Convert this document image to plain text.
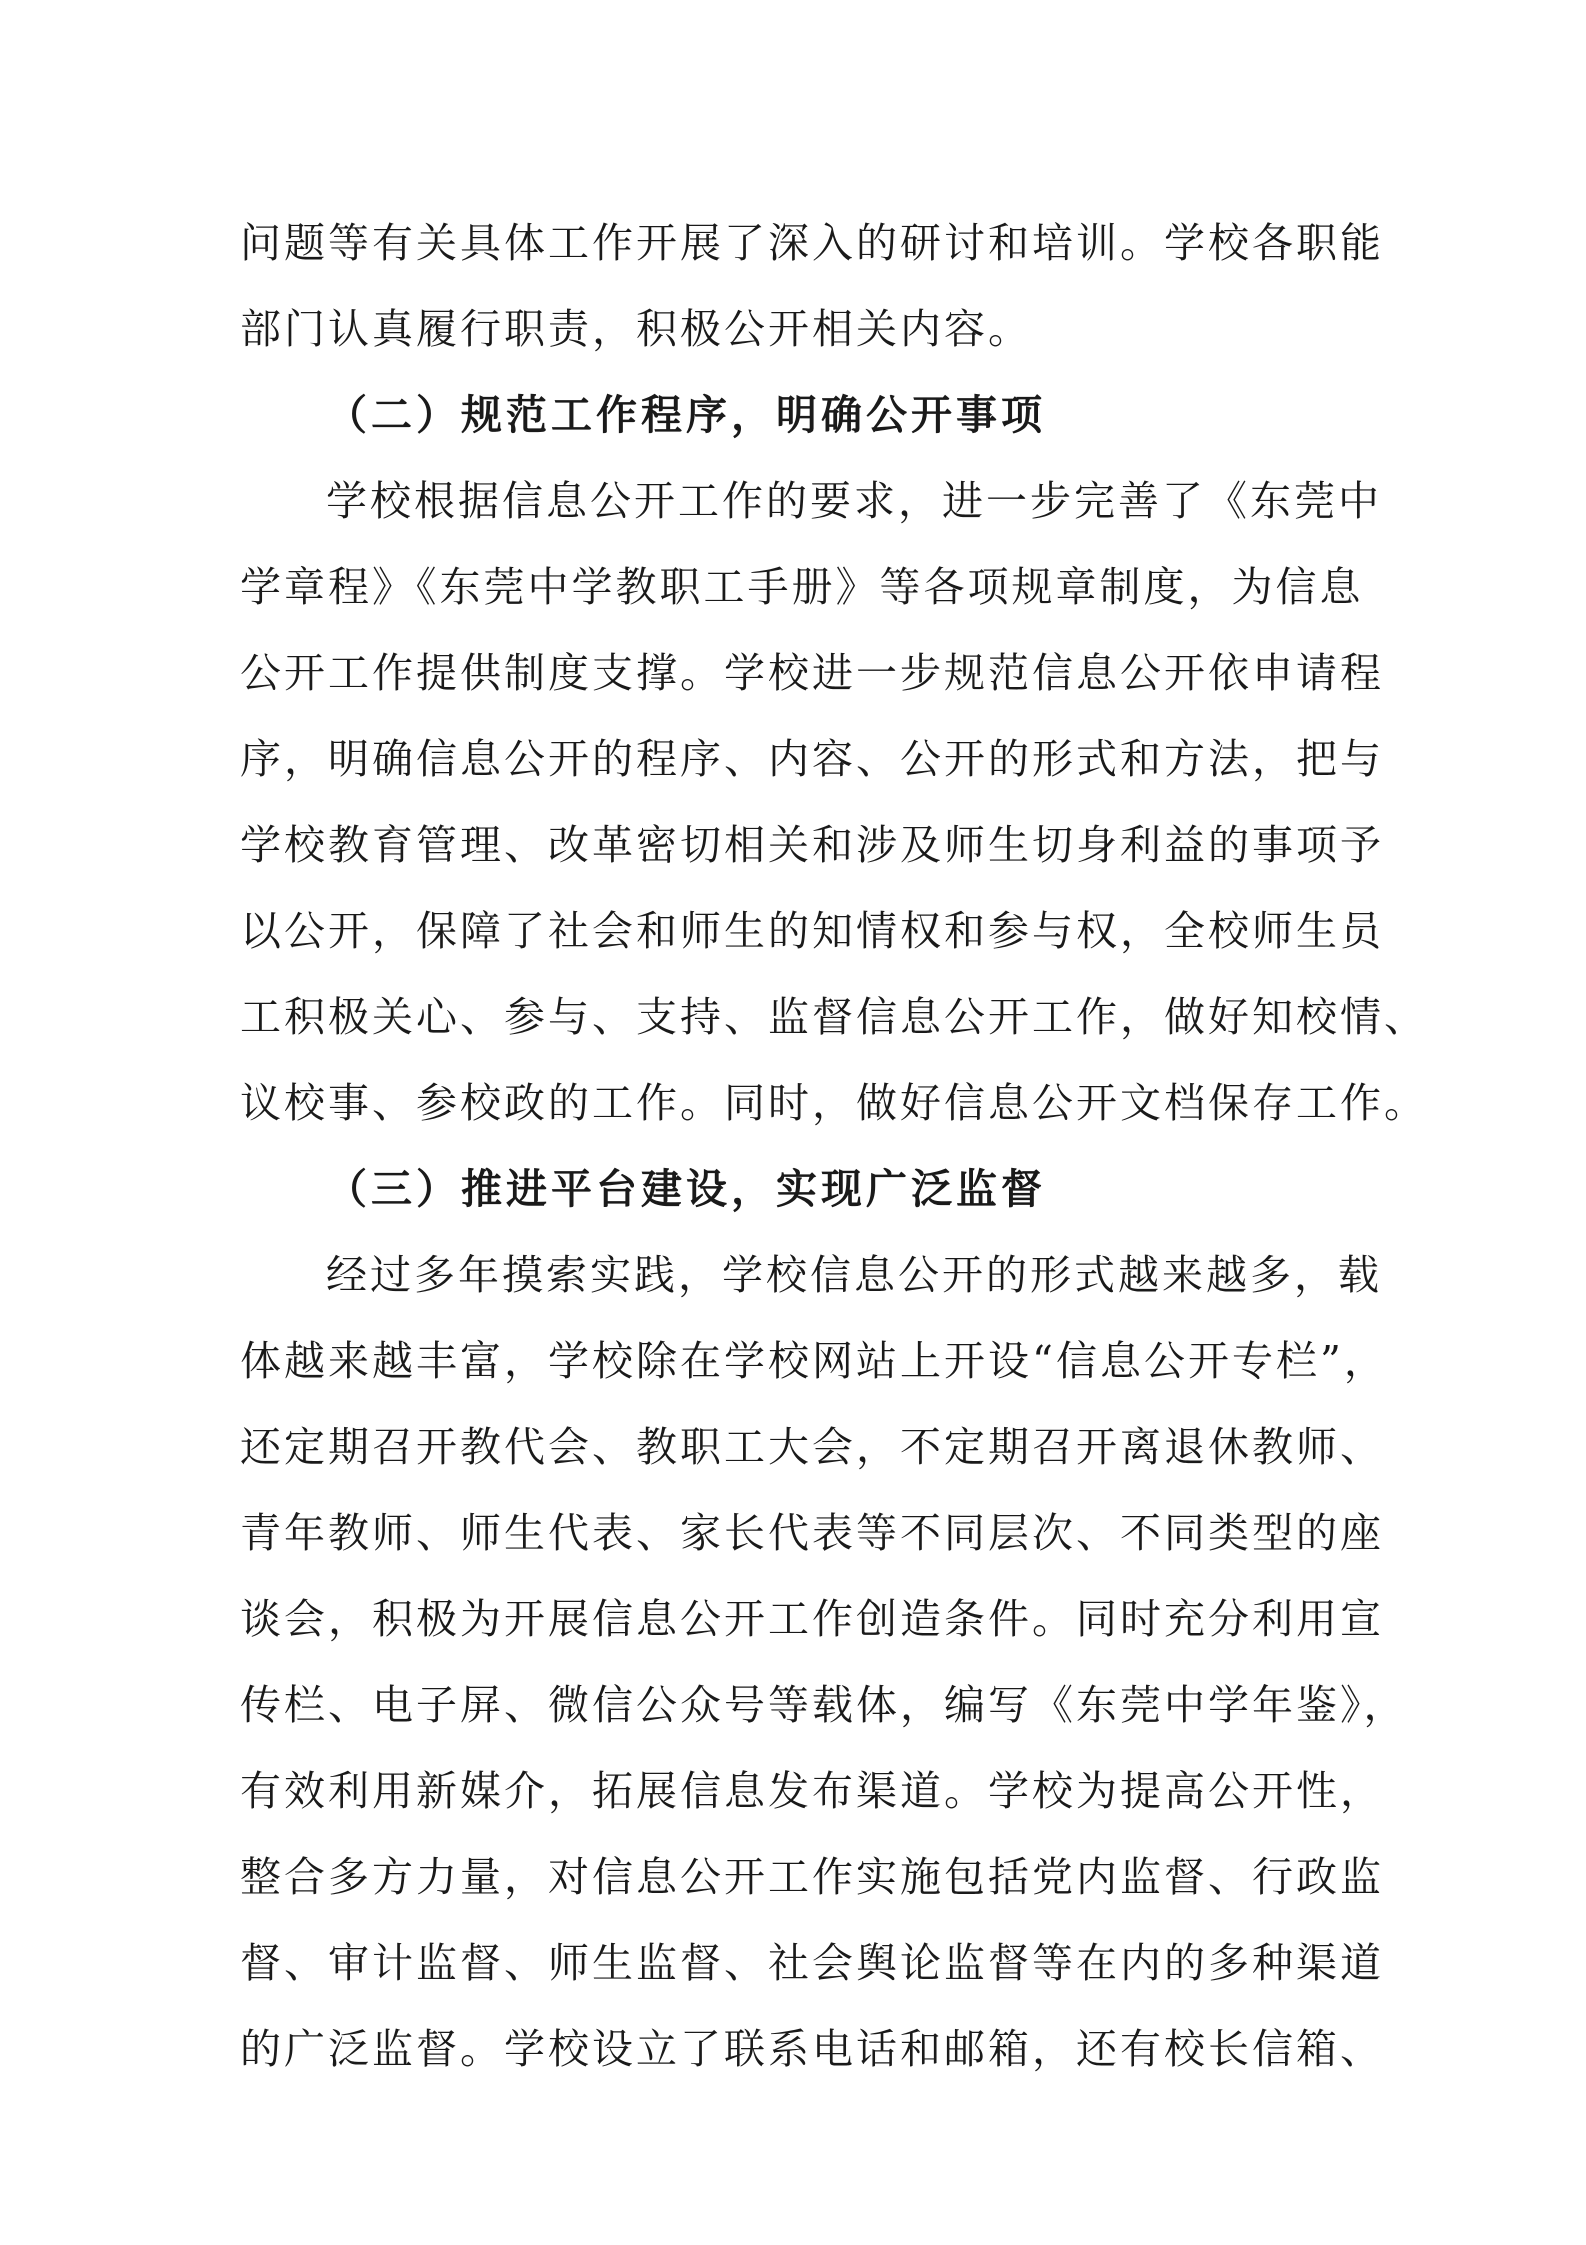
问题等有关具体工作开展了深入的研讨和培训。学校各职能
部门认真履行职责，积极公开相关内容。
（二）规范工作程序，明确公开事项
学校根据信息公开工作的要求，进一步完善了《东莞中
学章程》《东莞中学教职工手册》等各项规章制度，为信息
公开工作提供制度支撑。学校进一步规范信息公开依申请程
序，明确信息公开的程序、内容、公开的形式和方法，把与
学校教育管理、改革密切相关和涉及师生切身利益的事项予
以公开，保障了社会和师生的知情权和参与权，全校师生员
工积极关心、参与、支持、监督信息公开工作，做好知校情、
议校事、参校政的工作。同时，做好信息公开文档保存工作。
（三）推进平台建设，实现广泛监督
经过多年摸索实践，学校信息公开的形式越来越多，载
体越来越丰富，学校除在学校网站上开设“信息公开专栏”，
还定期召开教代会、教职工大会，不定期召开离退休教师、
青年教师、师生代表、家长代表等不同层次、不同类型的座
谈会，积极为开展信息公开工作创造条件。同时充分利用宣
传栏、电子屏、微信公众号等载体，编写《东莞中学年鉴》，
有效利用新媒介，拓展信息发布渠道。学校为提高公开性，
整合多方力量，对信息公开工作实施包括党内监督、行政监
督、审计监督、师生监督、社会舆论监督等在内的多种渠道
的广泛监督。学校设立了联系电话和邮箱，还有校长信箱、
